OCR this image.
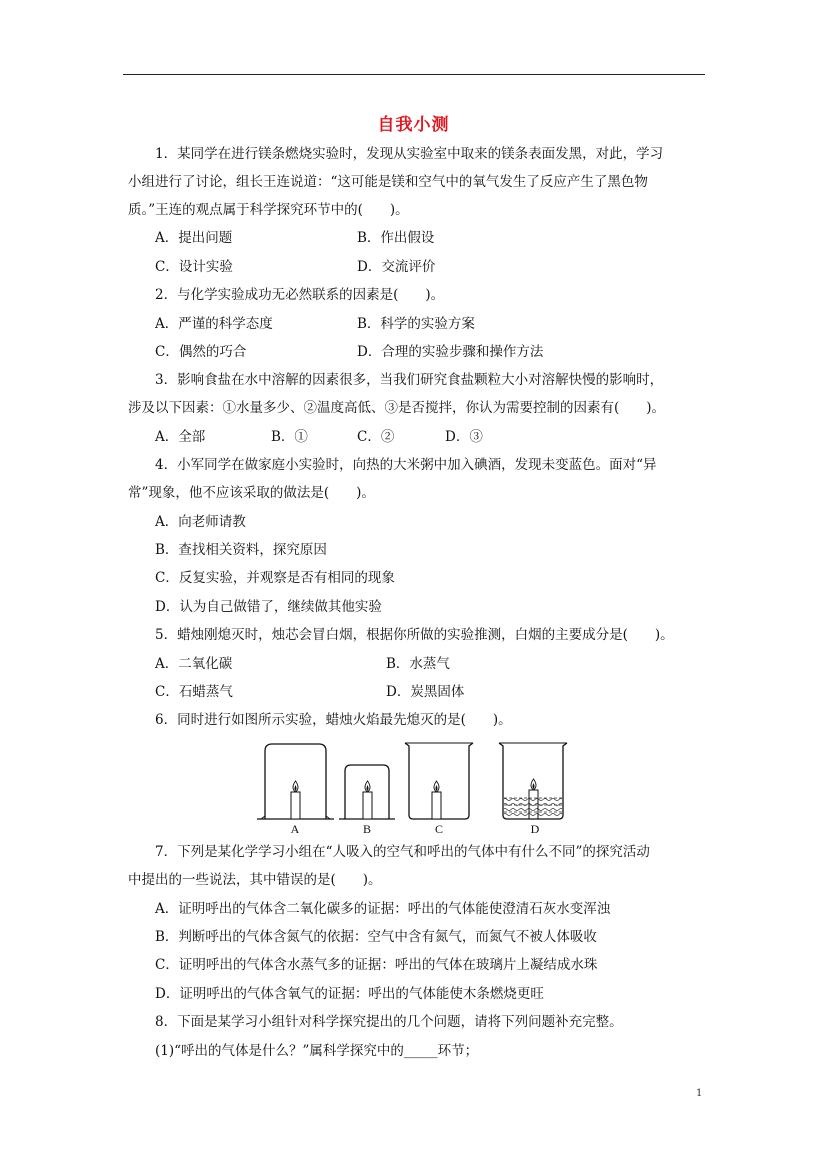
自我小测
1．某同学在进行镁条燃烧实验时，发现从实验室中取来的镁条表面发黑，对此，学习
小组进行了讨论，组长王连说道：“这可能是镁和空气中的氧气发生了反应产生了黑色物
质。”王连的观点属于科学探究环节中的(　　)。
A．提出问题	B．作出假设
C．设计实验	D．交流评价
2．与化学实验成功无必然联系的因素是(　　)。
A．严谨的科学态度	B．科学的实验方案
C．偶然的巧合	D．合理的实验步骤和操作方法
3．影响食盐在水中溶解的因素很多，当我们研究食盐颗粒大小对溶解快慢的影响时，
涉及以下因素：①水量多少、②温度高低、③是否搅拌，你认为需要控制的因素有(　　)。
A．全部	B．①	C．②	D．③
4．小军同学在做家庭小实验时，向热的大米粥中加入碘酒，发现未变蓝色。面对“异
常”现象，他不应该采取的做法是(　　)。
A．向老师请教
B．查找相关资料，探究原因
C．反复实验，并观察是否有相同的现象
D．认为自己做错了，继续做其他实验
5．蜡烛刚熄灭时，烛芯会冒白烟，根据你所做的实验推测，白烟的主要成分是(　　)。
A．二氧化碳	B．水蒸气
C．石蜡蒸气	D．炭黑固体
6．同时进行如图所示实验，蜡烛火焰最先熄灭的是(　　)。
A	B	C	D
7．下列是某化学学习小组在“人吸入的空气和呼出的气体中有什么不同”的探究活动
中提出的一些说法，其中错误的是(　　)。
A．证明呼出的气体含二氧化碳多的证据：呼出的气体能使澄清石灰水变浑浊
B．判断呼出的气体含氮气的依据：空气中含有氮气，而氮气不被人体吸收
C．证明呼出的气体含水蒸气多的证据：呼出的气体在玻璃片上凝结成水珠
D．证明呼出的气体含氧气的证据：呼出的气体能使木条燃烧更旺
8．下面是某学习小组针对科学探究提出的几个问题，请将下列问题补充完整。
(1)“呼出的气体是什么？”属科学探究中的_____环节；
1
